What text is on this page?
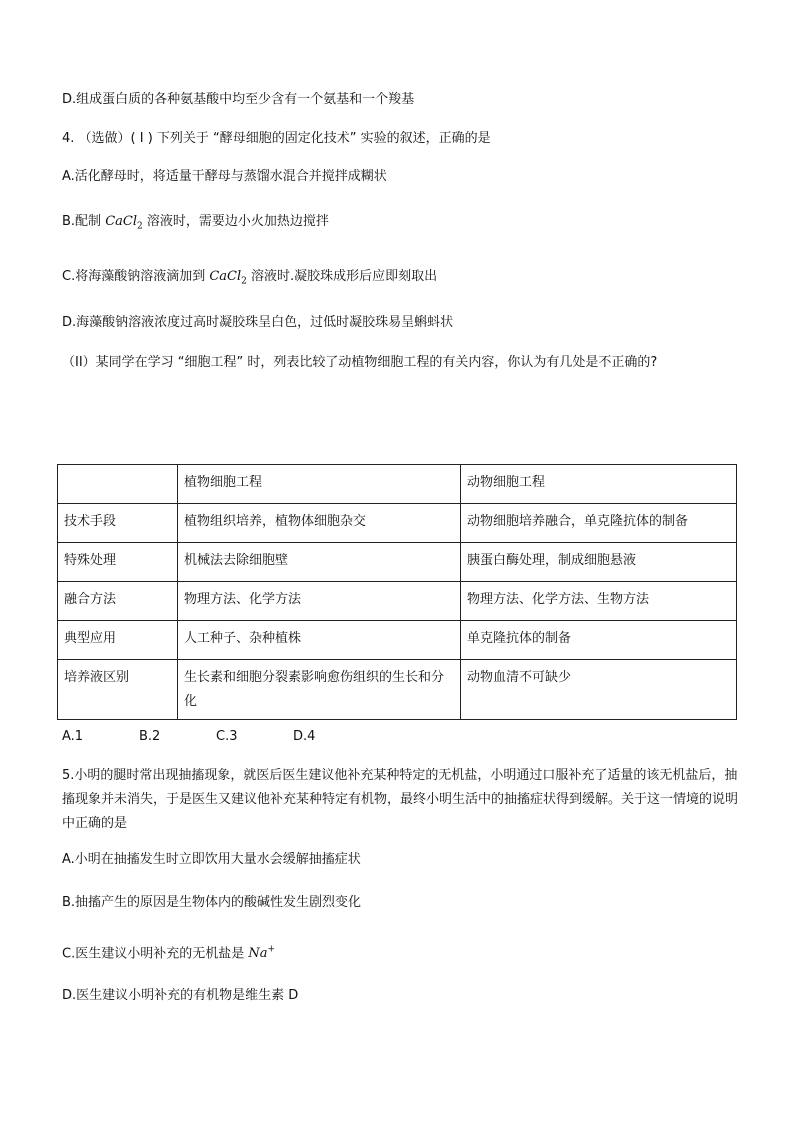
D.组成蛋白质的各种氨基酸中均至少含有一个氨基和一个羧基
4. （选做）( Ⅰ ) 下列关于 “酵母细胞的固定化技术” 实验的叙述，正确的是
A.活化酵母时，将适量干酵母与蒸馏水混合并搅拌成糊状
B.配制 CaCl$_2$ 溶液时，需要边小火加热边搅拌
C.将海藻酸钠溶液滴加到 CaCl$_2$ 溶液时.凝胶珠成形后应即刻取出
D.海藻酸钠溶液浓度过高时凝胶珠呈白色，过低时凝胶珠易呈蝌蚪状
（II）某同学在学习 “细胞工程” 时，列表比较了动植物细胞工程的有关内容，你认为有几处是不正确的?
	植物细胞工程	动物细胞工程
技术手段	植物组织培养，植物体细胞杂交	动物细胞培养融合，单克隆抗体的制备
特殊处理	机械法去除细胞壁	胰蛋白酶处理，制成细胞悬液
融合方法	物理方法、化学方法	物理方法、化学方法、生物方法
典型应用	人工种子、杂种植株	单克隆抗体的制备
培养液区别	生长素和细胞分裂素影响愈伤组织的生长和分化	动物血清不可缺少
A.1	B.2	C.3	D.4
5.小明的腿时常出现抽搐现象，就医后医生建议他补充某种特定的无机盐，小明通过口服补充了适量的该无机盐后，抽搐现象并未消失，于是医生又建议他补充某种特定有机物，最终小明生活中的抽搐症状得到缓解。关于这一情境的说明中正确的是
A.小明在抽搐发生时立即饮用大量水会缓解抽搐症状
B.抽搐产生的原因是生物体内的酸碱性发生剧烈变化
C.医生建议小明补充的无机盐是 Na+
D.医生建议小明补充的有机物是维生素 D
